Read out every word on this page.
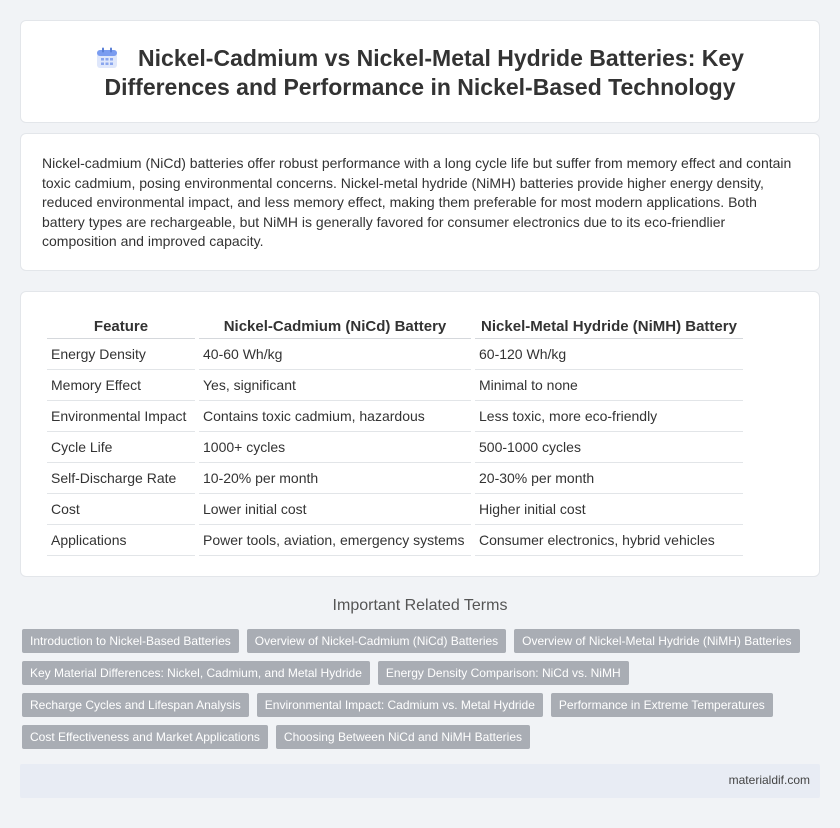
Nickel-Cadmium vs Nickel-Metal Hydride Batteries: Key Differences and Performance in Nickel-Based Technology

Nickel-cadmium (NiCd) batteries offer robust performance with a long cycle life but suffer from memory effect and contain toxic cadmium, posing environmental concerns. Nickel-metal hydride (NiMH) batteries provide higher energy density, reduced environmental impact, and less memory effect, making them preferable for most modern applications. Both battery types are rechargeable, but NiMH is generally favored for consumer electronics due to its eco-friendlier composition and improved capacity.

Feature	Nickel-Cadmium (NiCd) Battery	Nickel-Metal Hydride (NiMH) Battery
Energy Density	40-60 Wh/kg	60-120 Wh/kg
Memory Effect	Yes, significant	Minimal to none
Environmental Impact	Contains toxic cadmium, hazardous	Less toxic, more eco-friendly
Cycle Life	1000+ cycles	500-1000 cycles
Self-Discharge Rate	10-20% per month	20-30% per month
Cost	Lower initial cost	Higher initial cost
Applications	Power tools, aviation, emergency systems	Consumer electronics, hybrid vehicles
Important Related Terms
Introduction to Nickel-Based Batteries	Overview of Nickel-Cadmium (NiCd) Batteries	Overview of Nickel-Metal Hydride (NiMH) Batteries
Key Material Differences: Nickel, Cadmium, and Metal Hydride	Energy Density Comparison: NiCd vs. NiMH
Recharge Cycles and Lifespan Analysis	Environmental Impact: Cadmium vs. Metal Hydride	Performance in Extreme Temperatures
Cost Effectiveness and Market Applications	Choosing Between NiCd and NiMH Batteries
materialdif.com
